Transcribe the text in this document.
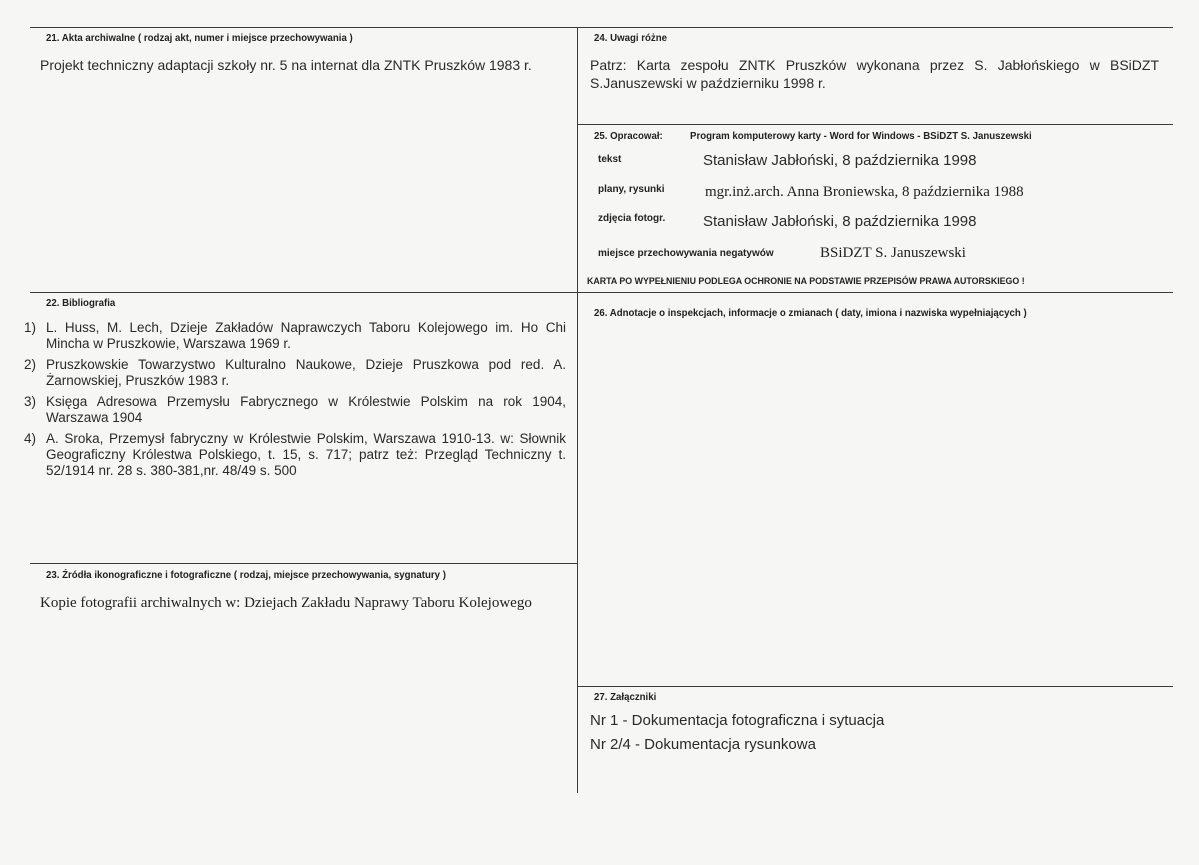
21. Akta archiwalne ( rodzaj akt, numer i miejsce przechowywania )
Projekt techniczny adaptacji szkoły nr. 5 na internat dla ZNTK Pruszków 1983 r.
24. Uwagi różne
Patrz: Karta zespołu ZNTK Pruszków wykonana przez S. Jabłońskiego w BSiDZT S.Januszewski w październiku 1998 r.
25. Opracował:	Program komputerowy karty - Word for Windows - BSiDZT S. Januszewski
tekst	Stanisław Jabłoński, 8 października 1998
plany, rysunki	mgr.inż.arch. Anna Broniewska, 8 października 1988
zdjęcia fotogr.	Stanisław Jabłoński, 8 października 1998
miejsce przechowywania negatywów	BSiDZT S. Januszewski
KARTA PO WYPEŁNIENIU PODLEGA OCHRONIE NA PODSTAWIE PRZEPISÓW PRAWA AUTORSKIEGO !
22. Bibliografia
1) L. Huss, M. Lech, Dzieje Zakładów Naprawczych Taboru Kolejowego im. Ho Chi Mincha w Pruszkowie, Warszawa 1969 r.
2) Pruszkowskie Towarzystwo Kulturalno Naukowe, Dzieje Pruszkowa pod red. A. Żarnowskiej, Pruszków 1983 r.
3) Księga Adresowa Przemysłu Fabrycznego w Królestwie Polskim na rok 1904, Warszawa 1904
4) A. Sroka, Przemysł fabryczny w Królestwie Polskim, Warszawa 1910-13. w: Słownik Geograficzny Królestwa Polskiego, t. 15, s. 717; patrz też: Przegląd Techniczny t. 52/1914 nr. 28 s. 380-381,nr. 48/49 s. 500
26. Adnotacje o inspekcjach, informacje o zmianach ( daty, imiona i nazwiska wypełniających )
23. Źródła ikonograficzne i fotograficzne ( rodzaj, miejsce przechowywania, sygnatury )
Kopie fotografii archiwalnych w: Dziejach Zakładu Naprawy Taboru Kolejowego
27. Załączniki
Nr 1 - Dokumentacja fotograficzna i sytuacja
Nr 2/4 - Dokumentacja rysunkowa
